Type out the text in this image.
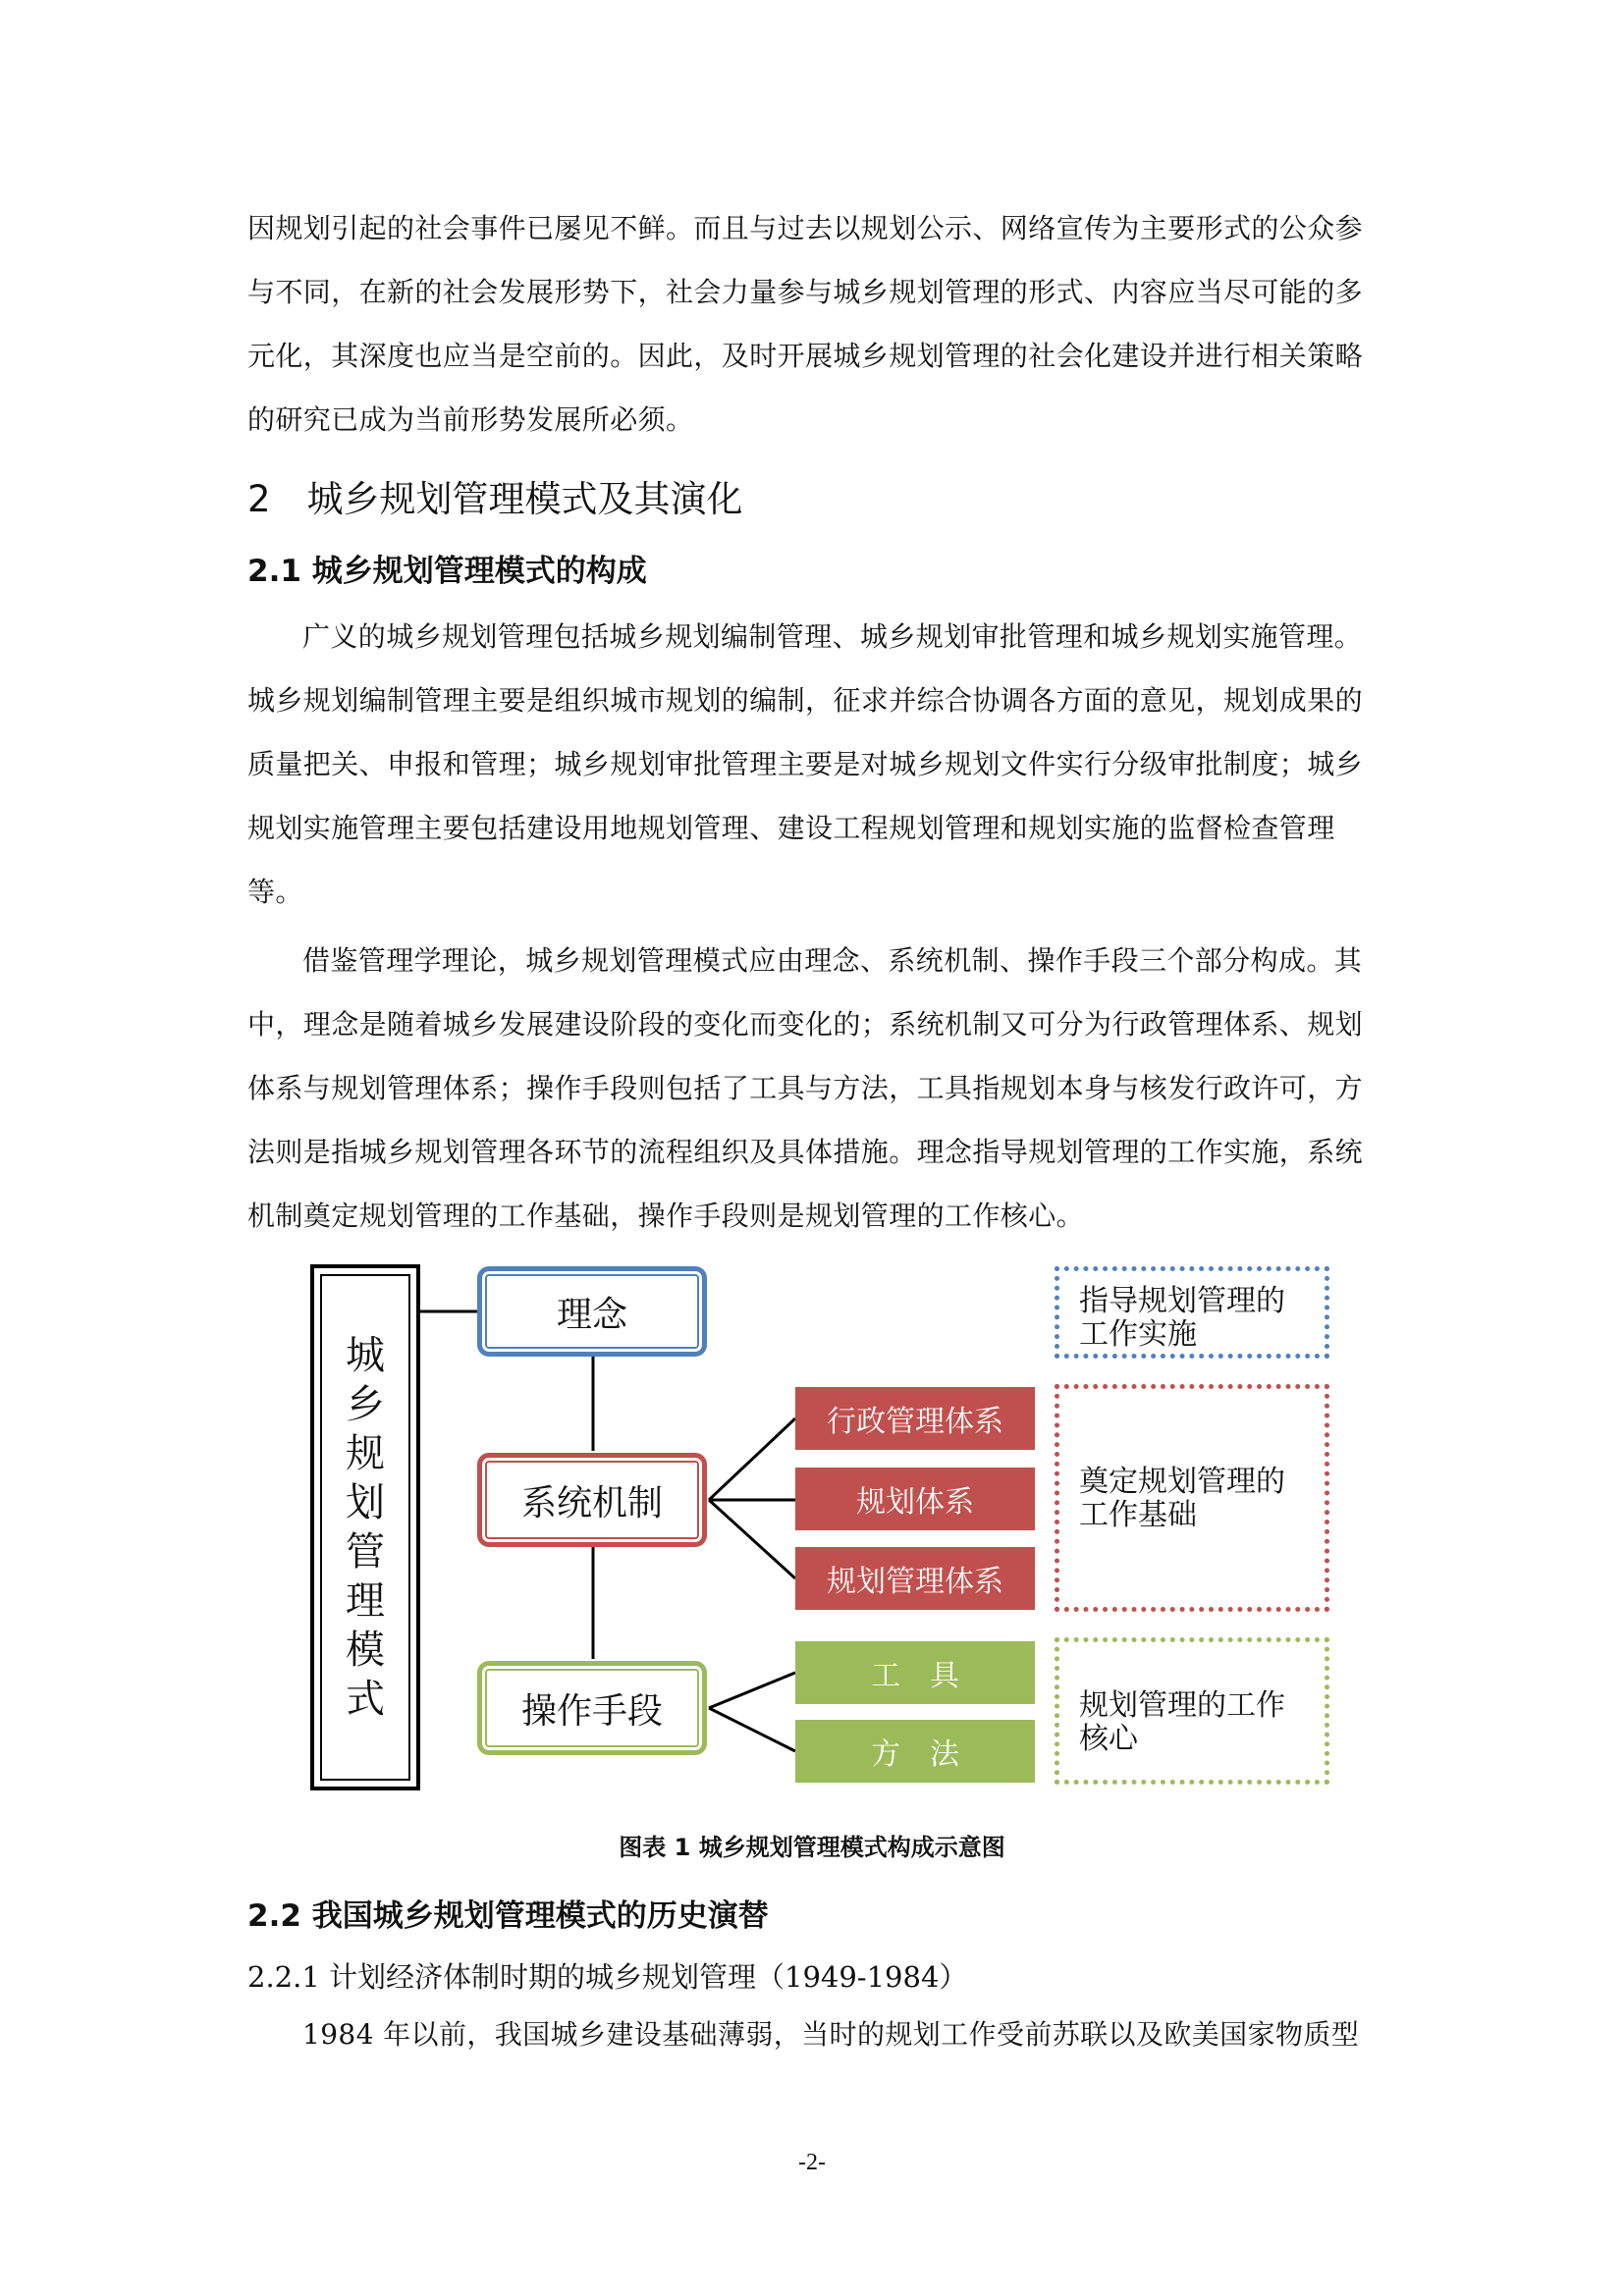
因规划引起的社会事件已屡见不鲜。而且与过去以规划公示、网络宣传为主要形式的公众参与不同，在新的社会发展形势下，社会力量参与城乡规划管理的形式、内容应当尽可能的多元化，其深度也应当是空前的。因此，及时开展城乡规划管理的社会化建设并进行相关策略的研究已成为当前形势发展所必须。

2　城乡规划管理模式及其演化
2.1 城乡规划管理模式的构成

广义的城乡规划管理包括城乡规划编制管理、城乡规划审批管理和城乡规划实施管理。城乡规划编制管理主要是组织城市规划的编制，征求并综合协调各方面的意见，规划成果的质量把关、申报和管理；城乡规划审批管理主要是对城乡规划文件实行分级审批制度；城乡规划实施管理主要包括建设用地规划管理、建设工程规划管理和规划实施的监督检查管理等。

借鉴管理学理论，城乡规划管理模式应由理念、系统机制、操作手段三个部分构成。其中，理念是随着城乡发展建设阶段的变化而变化的；系统机制又可分为行政管理体系、规划体系与规划管理体系；操作手段则包括了工具与方法，工具指规划本身与核发行政许可，方法则是指城乡规划管理各环节的流程组织及具体措施。理念指导规划管理的工作实施，系统机制奠定规划管理的工作基础，操作手段则是规划管理的工作核心。

城
乡
规
划
管
理
模
式
理念
系统机制
操作手段
行政管理体系
规划体系
规划管理体系
工　具
方　法
指导规划管理的工作实施
奠定规划管理的工作基础
规划管理的工作核心
图表 1 城乡规划管理模式构成示意图
2.2 我国城乡规划管理模式的历史演替
2.2.1 计划经济体制时期的城乡规划管理（1949-1984）

1984 年以前，我国城乡建设基础薄弱，当时的规划工作受前苏联以及欧美国家物质型

-2-
